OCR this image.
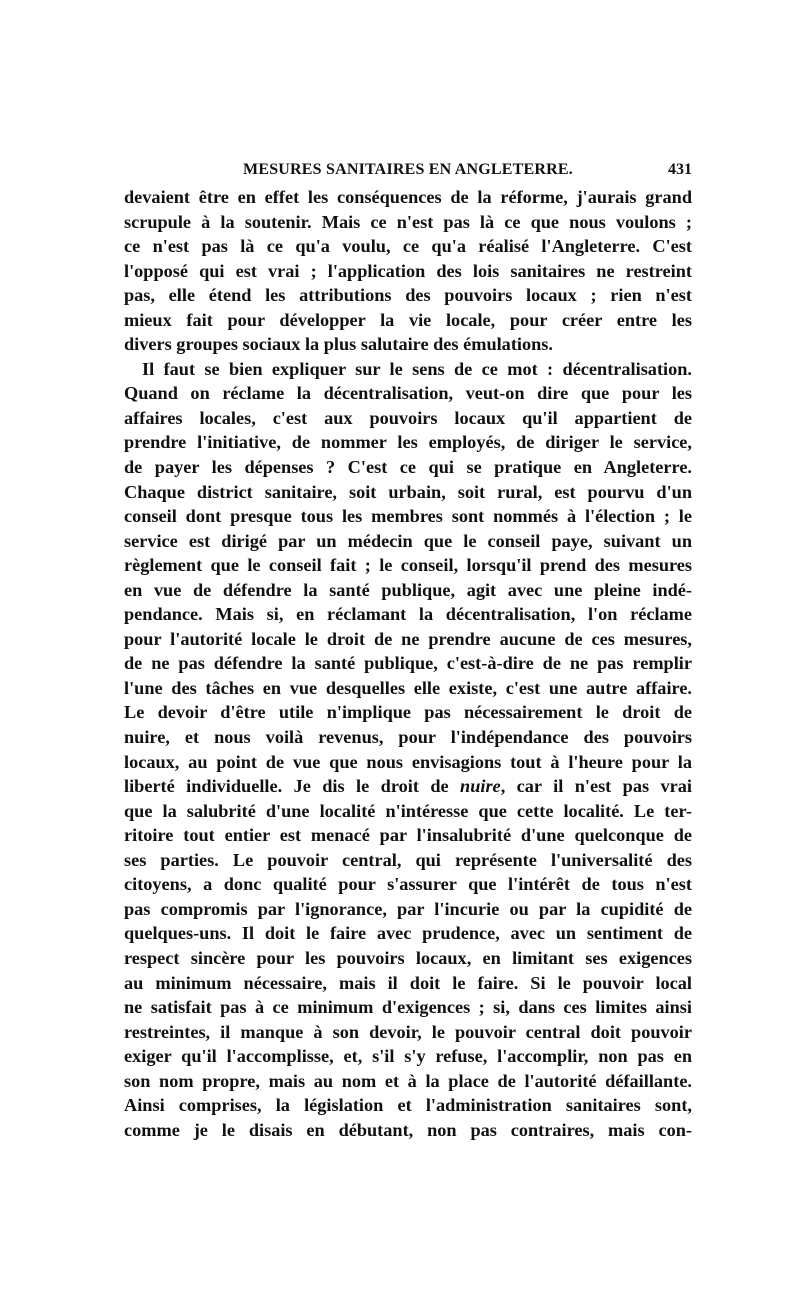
MESURES SANITAIRES EN ANGLETERRE.	431
devaient être en effet les conséquences de la réforme, j'aurais grand
scrupule à la soutenir. Mais ce n'est pas là ce que nous voulons ;
ce n'est pas là ce qu'a voulu, ce qu'a réalisé l'Angleterre. C'est
l'opposé qui est vrai ; l'application des lois sanitaires ne restreint
pas, elle étend les attributions des pouvoirs locaux ; rien n'est
mieux fait pour développer la vie locale, pour créer entre les
divers groupes sociaux la plus salutaire des émulations.
Il faut se bien expliquer sur le sens de ce mot : décentralisation.
Quand on réclame la décentralisation, veut-on dire que pour les
affaires locales, c'est aux pouvoirs locaux qu'il appartient de
prendre l'initiative, de nommer les employés, de diriger le service,
de payer les dépenses ? C'est ce qui se pratique en Angleterre.
Chaque district sanitaire, soit urbain, soit rural, est pourvu d'un
conseil dont presque tous les membres sont nommés à l'élection ; le
service est dirigé par un médecin que le conseil paye, suivant un
règlement que le conseil fait ; le conseil, lorsqu'il prend des mesures
en vue de défendre la santé publique, agit avec une pleine indé-
pendance. Mais si, en réclamant la décentralisation, l'on réclame
pour l'autorité locale le droit de ne prendre aucune de ces mesures,
de ne pas défendre la santé publique, c'est-à-dire de ne pas remplir
l'une des tâches en vue desquelles elle existe, c'est une autre affaire.
Le devoir d'être utile n'implique pas nécessairement le droit de
nuire, et nous voilà revenus, pour l'indépendance des pouvoirs
locaux, au point de vue que nous envisagions tout à l'heure pour la
liberté individuelle. Je dis le droit de nuire, car il n'est pas vrai
que la salubrité d'une localité n'intéresse que cette localité. Le ter-
ritoire tout entier est menacé par l'insalubrité d'une quelconque de
ses parties. Le pouvoir central, qui représente l'universalité des
citoyens, a donc qualité pour s'assurer que l'intérêt de tous n'est
pas compromis par l'ignorance, par l'incurie ou par la cupidité de
quelques-uns. Il doit le faire avec prudence, avec un sentiment de
respect sincère pour les pouvoirs locaux, en limitant ses exigences
au minimum nécessaire, mais il doit le faire. Si le pouvoir local
ne satisfait pas à ce minimum d'exigences ; si, dans ces limites ainsi
restreintes, il manque à son devoir, le pouvoir central doit pouvoir
exiger qu'il l'accomplisse, et, s'il s'y refuse, l'accomplir, non pas en
son nom propre, mais au nom et à la place de l'autorité défaillante.
Ainsi comprises, la législation et l'administration sanitaires sont,
comme je le disais en débutant, non pas contraires, mais con-
